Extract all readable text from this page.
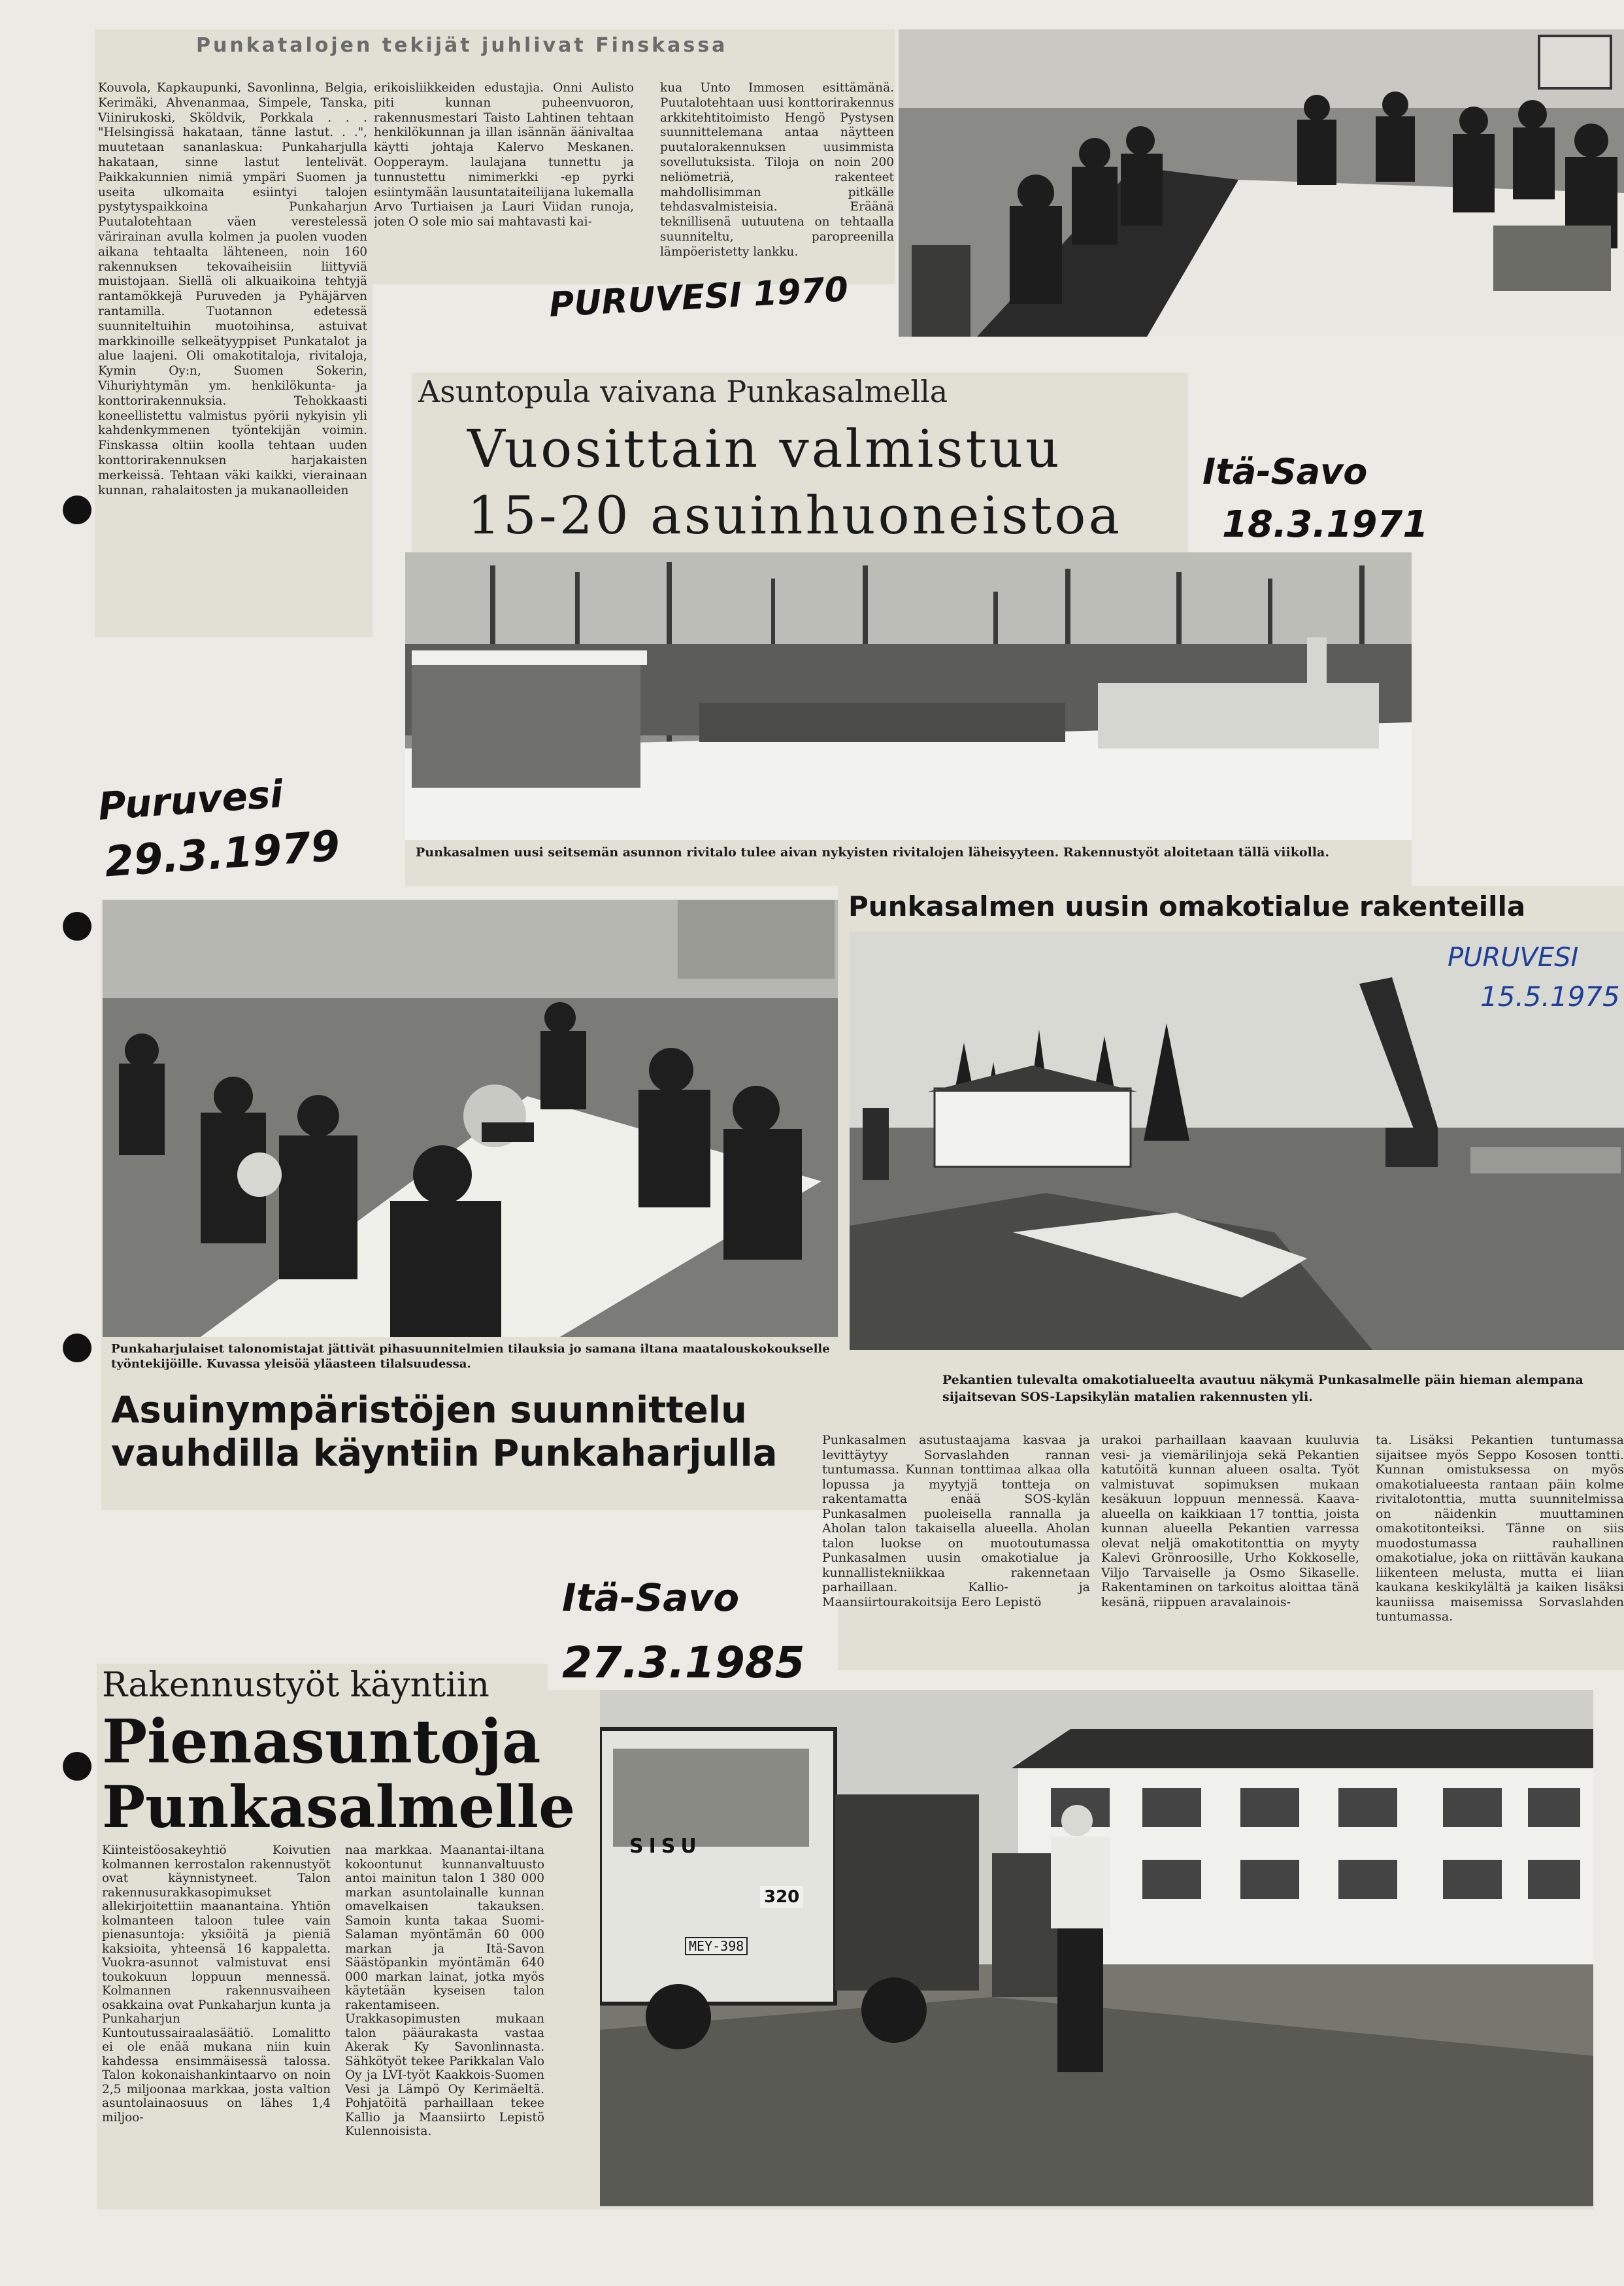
Punkatalojen tekijät juhlivat Finskassa
Kouvola, Kapkaupunki, Savonlinna, Belgia, Kerimäki, Ahvenanmaa, Simpele, Tanska, Viinirukoski, Sköldvik, Porkkala . . . "Helsingissä hakataan, tänne lastut. . .", muutetaan sananlaskua: Punkaharjulla hakataan, sinne lastut lentelivät. Paikkakunnien nimiä ympäri Suomen ja useita ulkomaita esiintyi talojen pystytyspaikkoina Punkaharjun Puutalotehtaan väen verestelessä värirainan avulla kolmen ja puolen vuoden aikana tehtaalta lähteneen, noin 160 rakennuksen tekovaiheisiin liittyviä muistojaan. Siellä oli alkuaikoina tehtyjä rantamökkejä Puruveden ja Pyhäjärven rantamilla. Tuotannon edetessä suunniteltuihin muotoihinsa, astuivat markkinoille selkeätyyppiset Punkatalot ja alue laajeni. Oli omakotitaloja, rivitaloja, Kymin Oy:n, Suomen Sokerin, Vihuriyhtymän ym. henkilökunta- ja konttorirakennuksia. Tehokkaasti koneellistettu valmistus pyörii nykyisin yli kahdenkymmenen työntekijän voimin. Finskassa oltiin koolla tehtaan uuden konttorirakennuksen harjakaisten merkeissä. Tehtaan väki kaikki, vierainaan kunnan, rahalaitosten ja mukanaolleiden
erikoisliikkeiden edustajia. Onni Aulisto piti kunnan puheenvuoron, rakennusmestari Taisto Lahtinen tehtaan henkilökunnan ja illan isännän äänivaltaa käytti johtaja Kalervo Meskanen. Oopperaym. laulajana tunnettu ja tunnustettu nimimerkki -ep pyrki esiintymään lausuntataiteilijana lukemalla Arvo Turtiaisen ja Lauri Viidan runoja, joten O sole mio sai mahtavasti kai-
kua Unto Immosen esittämänä. Puutalotehtaan uusi konttorirakennus arkkitehtitoimisto Hengö Pystysen suunnittelemana antaa näytteen puutalorakennuksen uusimmista sovellutuksista. Tiloja on noin 200 neliömetriä, rakenteet mahdollisimman pitkälle tehdasvalmisteisia. Eräänä teknillisenä uutuutena on tehtaalla suunniteltu, paropreenilla lämpöeristetty lankku.
PURUVESI 1970
Asuntopula vaivana Punkasalmella
Vuosittain valmistuu
15-20 asuinhuoneistoa
Itä-Savo
18.3.1971
Punkasalmen uusi seitsemän asunnon rivitalo tulee aivan nykyisten rivitalojen läheisyyteen. Rakennustyöt aloitetaan tällä viikolla.
Puruvesi
29.3.1979
Punkaharjulaiset talonomistajat jättivät pihasuunnitelmien tilauksia jo samana iltana maatalouskokoukselle työntekijöille. Kuvassa yleisöä yläasteen tilalsuudessa.
Asuinympäristöjen suunnittelu vauhdilla käyntiin Punkaharjulla
Punkasalmen uusin omakotialue rakenteilla
PURUVESI
15.5.1975
Pekantien tulevalta omakotialueelta avautuu näkymä Punkasalmelle päin hieman alempana sijaitsevan SOS-Lapsikylän matalien rakennusten yli.
Punkasalmen asutustaajama kasvaa ja levittäytyy Sorvaslahden rannan tuntumassa. Kunnan tonttimaa alkaa olla lopussa ja myytyjä tontteja on rakentamatta enää SOS-kylän Punkasalmen puoleisella rannalla ja Aholan talon takaisella alueella. Aholan talon luokse on muotoutumassa Punkasalmen uusin omakotialue ja kunnallistekniikkaa rakennetaan parhaillaan. Kallio- ja Maansiirtourakoitsija Eero Lepistö
urakoi parhaillaan kaavaan kuuluvia vesi- ja viemärilinjoja sekä Pekantien katutöitä kunnan alueen osalta. Työt valmistuvat sopimuksen mukaan kesäkuun loppuun mennessä. Kaava-alueella on kaikkiaan 17 tonttia, joista kunnan alueella Pekantien varressa olevat neljä omakotitonttia on myyty Kalevi Grönroosille, Urho Kokkoselle, Viljo Tarvaiselle ja Osmo Sikaselle. Rakentaminen on tarkoitus aloittaa tänä kesänä, riippuen aravalainois-
ta. Lisäksi Pekantien tuntumassa sijaitsee myös Seppo Kososen tontti. Kunnan omistuksessa on myös omakotialueesta rantaan päin kolme rivitalotonttia, mutta suunnitelmissa on näidenkin muuttaminen omakotitonteiksi. Tänne on siis muodostumassa rauhallinen omakotialue, joka on riittävän kaukana liikenteen melusta, mutta ei liian kaukana keskikylältä ja kaiken lisäksi kauniissa maisemissa Sorvaslahden tuntumassa.
Itä-Savo
27.3.1985
Rakennustyöt käyntiin
Pienasuntoja
Punkasalmelle
Kiinteistöosakeyhtiö Koivutien kolmannen kerrostalon rakennustyöt ovat käynnistyneet. Talon rakennusurakkasopimukset allekirjoitettiin maanantaina. Yhtiön kolmanteen taloon tulee vain pienasuntoja: yksiöitä ja pieniä kaksioita, yhteensä 16 kappaletta. Vuokra-asunnot valmistuvat ensi toukokuun loppuun mennessä. Kolmannen rakennusvaiheen osakkaina ovat Punkaharjun kunta ja Punkaharjun Kuntoutussairaalasäätiö. Lomalitto ei ole enää mukana niin kuin kahdessa ensimmäisessä talossa. Talon kokonaishankintaarvo on noin 2,5 miljoonaa markkaa, josta valtion asuntolainaosuus on lähes 1,4 miljoo-
naa markkaa. Maanantai-iltana kokoontunut kunnanvaltuusto antoi mainitun talon 1 380 000 markan asuntolainalle kunnan omavelkaisen takauksen. Samoin kunta takaa Suomi-Salaman myöntämän 60 000 markan ja Itä-Savon Säästöpankin myöntämän 640 000 markan lainat, jotka myös käytetään kyseisen talon rakentamiseen. Urakkasopimusten mukaan talon pääurakasta vastaa Akerak Ky Savonlinnasta. Sähkötyöt tekee Parikkalan Valo Oy ja LVI-työt Kaakkois-Suomen Vesi ja Lämpö Oy Kerimäeltä. Pohjatöitä parhaillaan tekee Kallio ja Maansiirto Lepistö Kulennoisista.
SISU
320
MEY-398
